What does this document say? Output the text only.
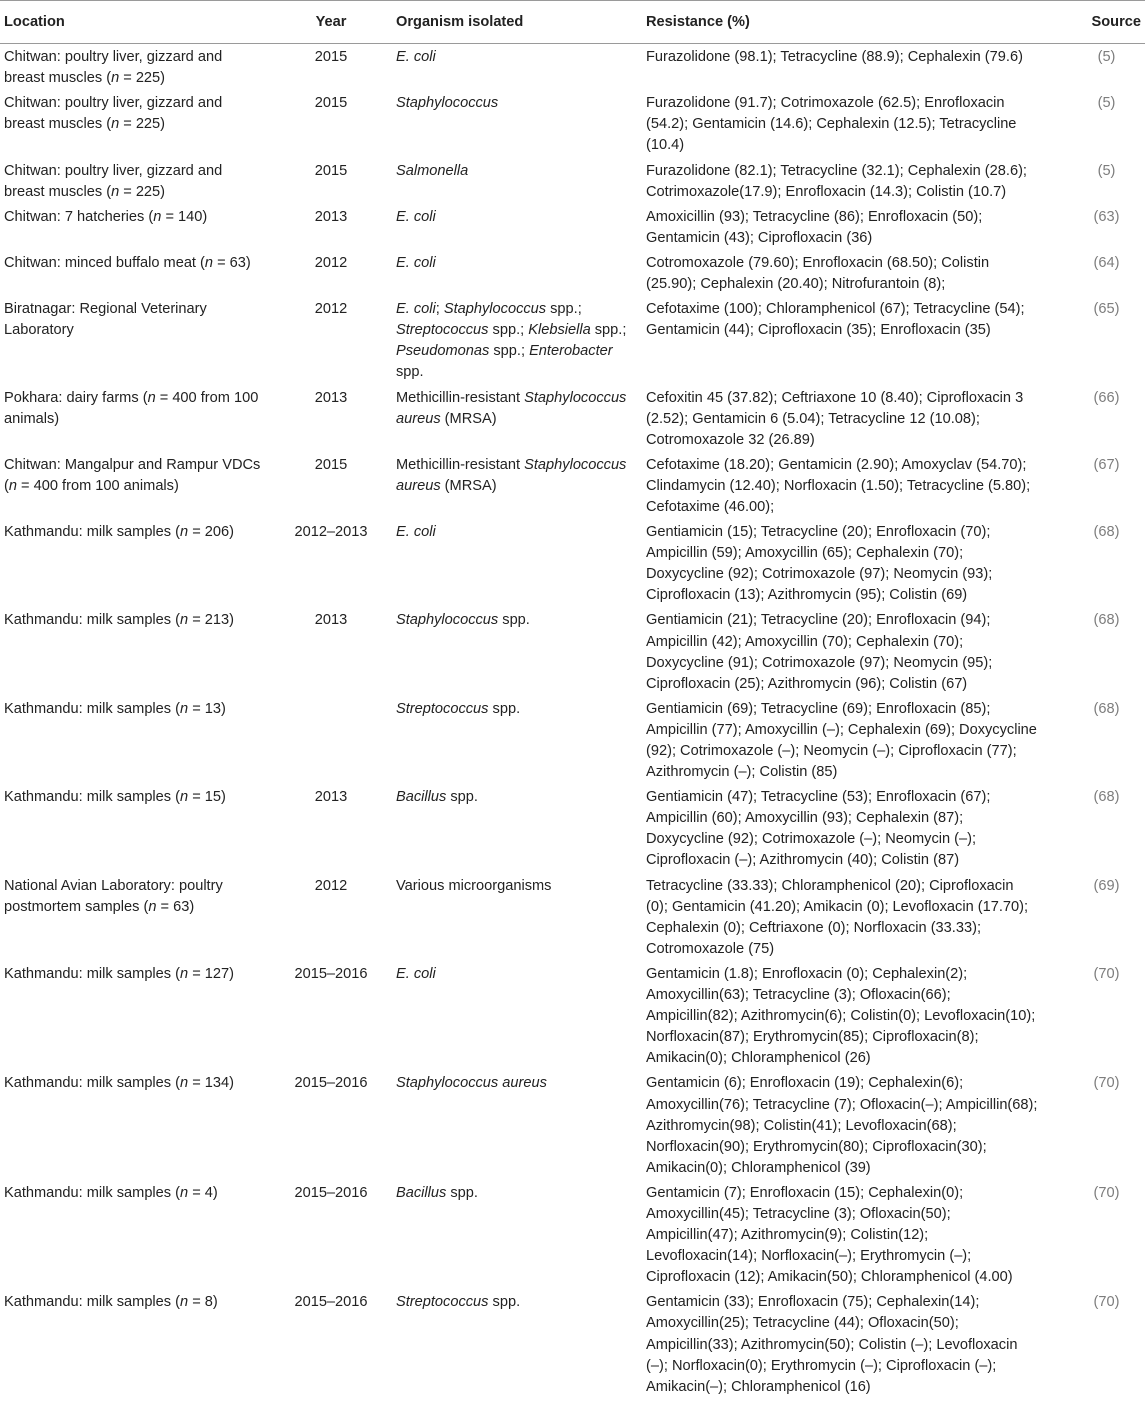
Location	Year	Organism isolated	Resistance (%)	Source
Chitwan: poultry liver, gizzard and breast muscles (n = 225)	2015	E. coli	Furazolidone (98.1); Tetracycline (88.9); Cephalexin (79.6)	(5)
Chitwan: poultry liver, gizzard and breast muscles (n = 225)	2015	Staphylococcus	Furazolidone (91.7); Cotrimoxazole (62.5); Enrofloxacin (54.2); Gentamicin (14.6); Cephalexin (12.5); Tetracycline (10.4)	(5)
Chitwan: poultry liver, gizzard and breast muscles (n = 225)	2015	Salmonella	Furazolidone (82.1); Tetracycline (32.1); Cephalexin (28.6); Cotrimoxazole(17.9); Enrofloxacin (14.3); Colistin (10.7)	(5)
Chitwan: 7 hatcheries (n = 140)	2013	E. coli	Amoxicillin (93); Tetracycline (86); Enrofloxacin (50); Gentamicin (43); Ciprofloxacin (36)	(63)
Chitwan: minced buffalo meat (n = 63)	2012	E. coli	Cotromoxazole (79.60); Enrofloxacin (68.50); Colistin (25.90); Cephalexin (20.40); Nitrofurantoin (8);	(64)
Biratnagar: Regional Veterinary Laboratory	2012	E. coli; Staphylococcus spp.; Streptococcus spp.; Klebsiella spp.; Pseudomonas spp.; Enterobacter spp.	Cefotaxime (100); Chloramphenicol (67); Tetracycline (54); Gentamicin (44); Ciprofloxacin (35); Enrofloxacin (35)	(65)
Pokhara: dairy farms (n = 400 from 100 animals)	2013	Methicillin-resistant Staphylococcus aureus (MRSA)	Cefoxitin 45 (37.82); Ceftriaxone 10 (8.40); Ciprofloxacin 3 (2.52); Gentamicin 6 (5.04); Tetracycline 12 (10.08); Cotromoxazole 32 (26.89)	(66)
Chitwan: Mangalpur and Rampur VDCs (n = 400 from 100 animals)	2015	Methicillin-resistant Staphylococcus aureus (MRSA)	Cefotaxime (18.20); Gentamicin (2.90); Amoxyclav (54.70); Clindamycin (12.40); Norfloxacin (1.50); Tetracycline (5.80); Cefotaxime (46.00);	(67)
Kathmandu: milk samples (n = 206)	2012–2013	E. coli	Gentiamicin (15); Tetracycline (20); Enrofloxacin (70); Ampicillin (59); Amoxycillin (65); Cephalexin (70); Doxycycline (92); Cotrimoxazole (97); Neomycin (93); Ciprofloxacin (13); Azithromycin (95); Colistin (69)	(68)
Kathmandu: milk samples (n = 213)	2013	Staphylococcus spp.	Gentiamicin (21); Tetracycline (20); Enrofloxacin (94); Ampicillin (42); Amoxycillin (70); Cephalexin (70); Doxycycline (91); Cotrimoxazole (97); Neomycin (95); Ciprofloxacin (25); Azithromycin (96); Colistin (67)	(68)
Kathmandu: milk samples (n = 13)		Streptococcus spp.	Gentiamicin (69); Tetracycline (69); Enrofloxacin (85); Ampicillin (77); Amoxycillin (–); Cephalexin (69); Doxycycline (92); Cotrimoxazole (–); Neomycin (–); Ciprofloxacin (77); Azithromycin (–); Colistin (85)	(68)
Kathmandu: milk samples (n = 15)	2013	Bacillus spp.	Gentiamicin (47); Tetracycline (53); Enrofloxacin (67); Ampicillin (60); Amoxycillin (93); Cephalexin (87); Doxycycline (92); Cotrimoxazole (–); Neomycin (–); Ciprofloxacin (–); Azithromycin (40); Colistin (87)	(68)
National Avian Laboratory: poultry postmortem samples (n = 63)	2012	Various microorganisms	Tetracycline (33.33); Chloramphenicol (20); Ciprofloxacin (0); Gentamicin (41.20); Amikacin (0); Levofloxacin (17.70); Cephalexin (0); Ceftriaxone (0); Norfloxacin (33.33); Cotromoxazole (75)	(69)
Kathmandu: milk samples (n = 127)	2015–2016	E. coli	Gentamicin (1.8); Enrofloxacin (0); Cephalexin(2); Amoxycillin(63); Tetracycline (3); Ofloxacin(66); Ampicillin(82); Azithromycin(6); Colistin(0); Levofloxacin(10); Norfloxacin(87); Erythromycin(85); Ciprofloxacin(8); Amikacin(0); Chloramphenicol (26)	(70)
Kathmandu: milk samples (n = 134)	2015–2016	Staphylococcus aureus	Gentamicin (6); Enrofloxacin (19); Cephalexin(6); Amoxycillin(76); Tetracycline (7); Ofloxacin(–); Ampicillin(68); Azithromycin(98); Colistin(41); Levofloxacin(68); Norfloxacin(90); Erythromycin(80); Ciprofloxacin(30); Amikacin(0); Chloramphenicol (39)	(70)
Kathmandu: milk samples (n = 4)	2015–2016	Bacillus spp.	Gentamicin (7); Enrofloxacin (15); Cephalexin(0); Amoxycillin(45); Tetracycline (3); Ofloxacin(50); Ampicillin(47); Azithromycin(9); Colistin(12); Levofloxacin(14); Norfloxacin(–); Erythromycin (–); Ciprofloxacin (12); Amikacin(50); Chloramphenicol (4.00)	(70)
Kathmandu: milk samples (n = 8)	2015–2016	Streptococcus spp.	Gentamicin (33); Enrofloxacin (75); Cephalexin(14); Amoxycillin(25); Tetracycline (44); Ofloxacin(50); Ampicillin(33); Azithromycin(50); Colistin (–); Levofloxacin (–); Norfloxacin(0); Erythromycin (–); Ciprofloxacin (–); Amikacin(–); Chloramphenicol (16)	(70)
